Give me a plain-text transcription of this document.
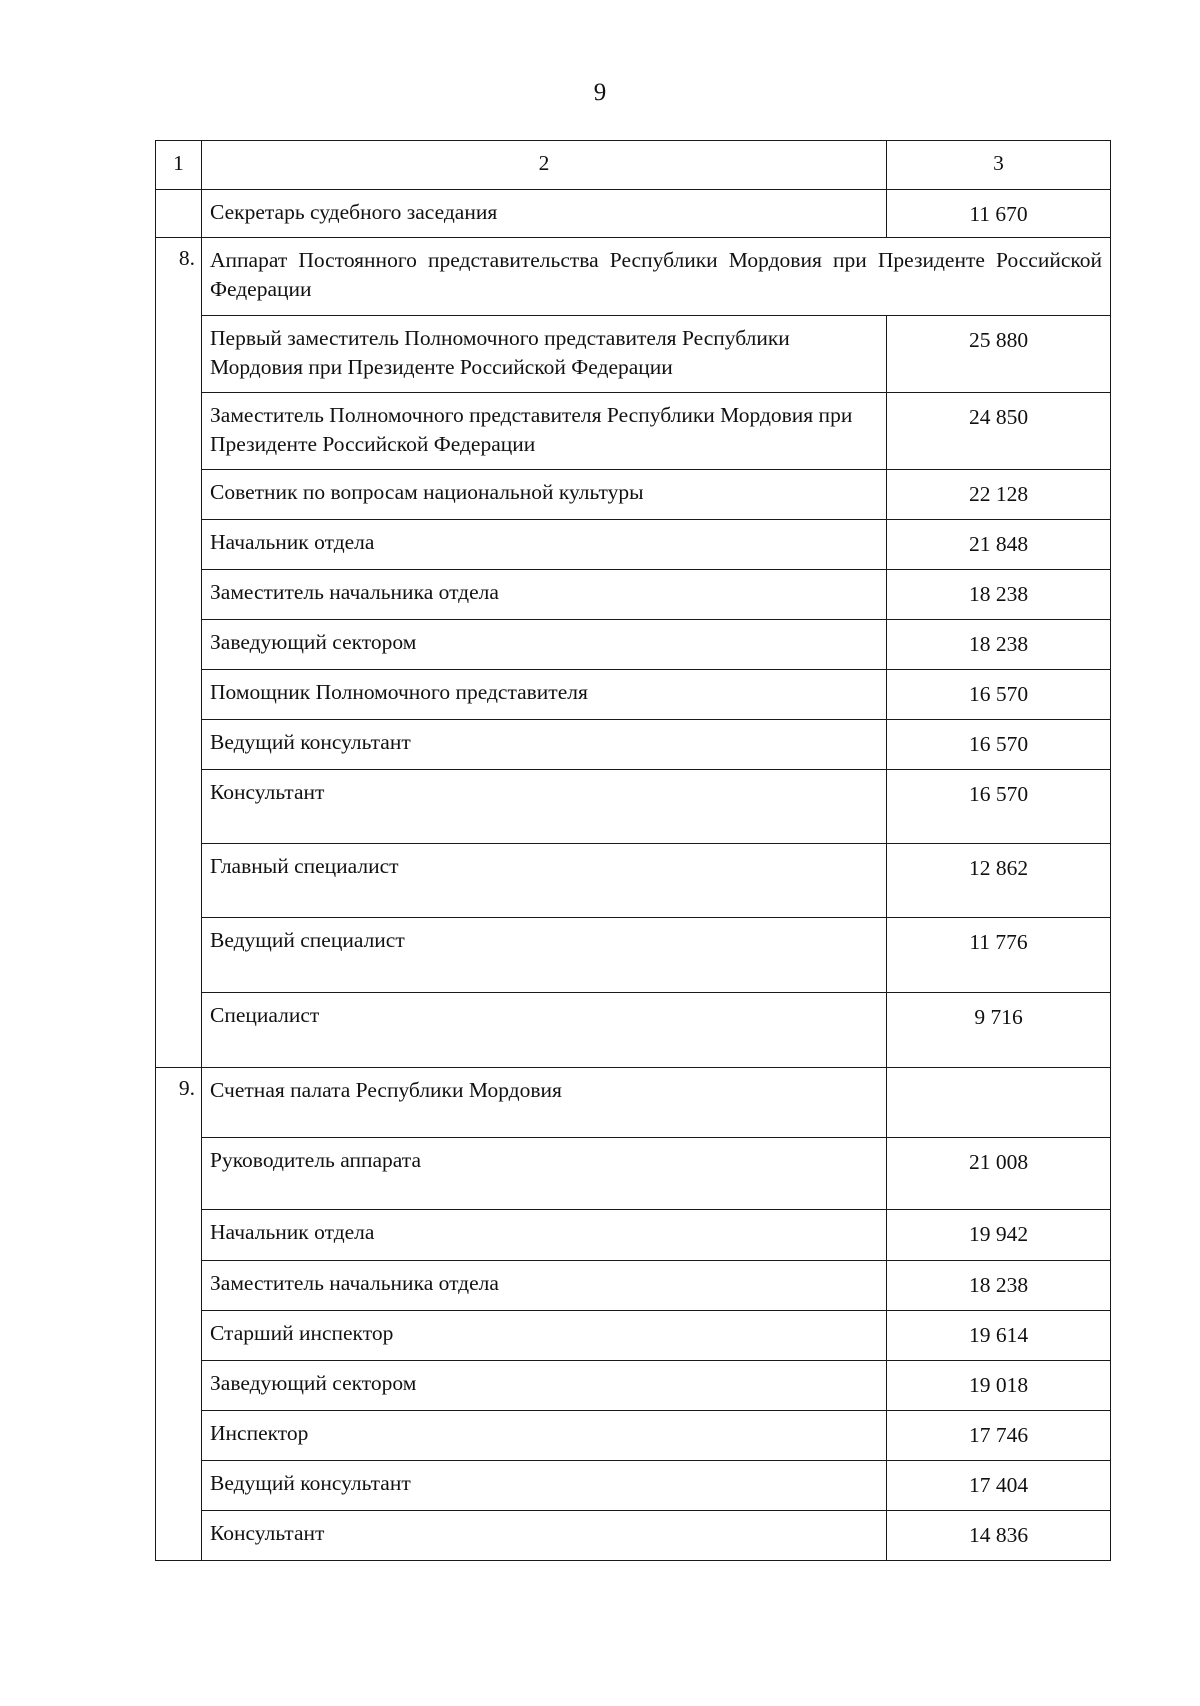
9
1	2	3
	Секретарь судебного заседания	11 670
8.	Аппарат Постоянного представительства Республики Мордовия при Президенте Российской Федерации	
	Первый заместитель Полномочного представителя Республики Мордовия при Президенте Российской Федерации	25 880
	Заместитель Полномочного представителя Республики Мордовия при Президенте Российской Федерации	24 850
	Советник по вопросам национальной культуры	22 128
	Начальник отдела	21 848
	Заместитель начальника отдела	18 238
	Заведующий сектором	18 238
	Помощник Полномочного представителя	16 570
	Ведущий консультант	16 570
	Консультант	16 570
	Главный специалист	12 862
	Ведущий специалист	11 776
	Специалист	9 716
9.	Счетная палата Республики Мордовия	
	Руководитель аппарата	21 008
	Начальник отдела	19 942
	Заместитель начальника отдела	18 238
	Старший инспектор	19 614
	Заведующий сектором	19 018
	Инспектор	17 746
	Ведущий консультант	17 404
	Консультант	14 836
